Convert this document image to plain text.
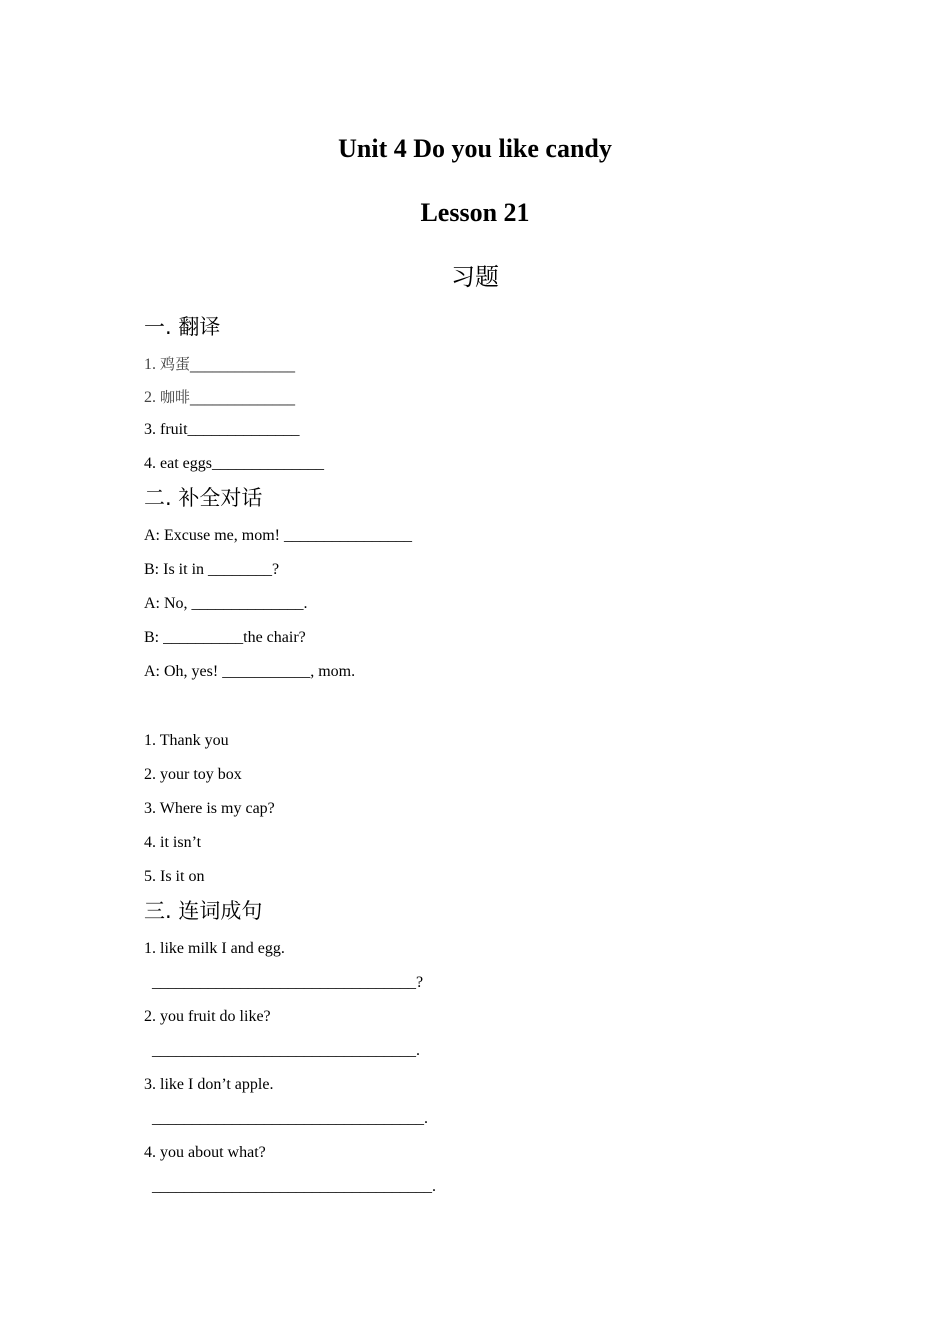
Unit 4 Do you like candy
Lesson 21
习题
一. 翻译

1. 鸡蛋______________

2. 咖啡______________

3. fruit______________

4. eat eggs______________

二. 补全对话

A: Excuse me, mom! ________________

B: Is it in ________?

A: No, ______________.

B: __________the chair?

A: Oh, yes! ___________, mom.

1. Thank you

2. your toy box

3. Where is my cap?

4. it isn’t

5. Is it on

三. 连词成句

1. like milk I and egg.

_________________________________?

2. you fruit do like?

_________________________________.

3. like I don’t apple.

__________________________________.

4. you about what?

___________________________________.
